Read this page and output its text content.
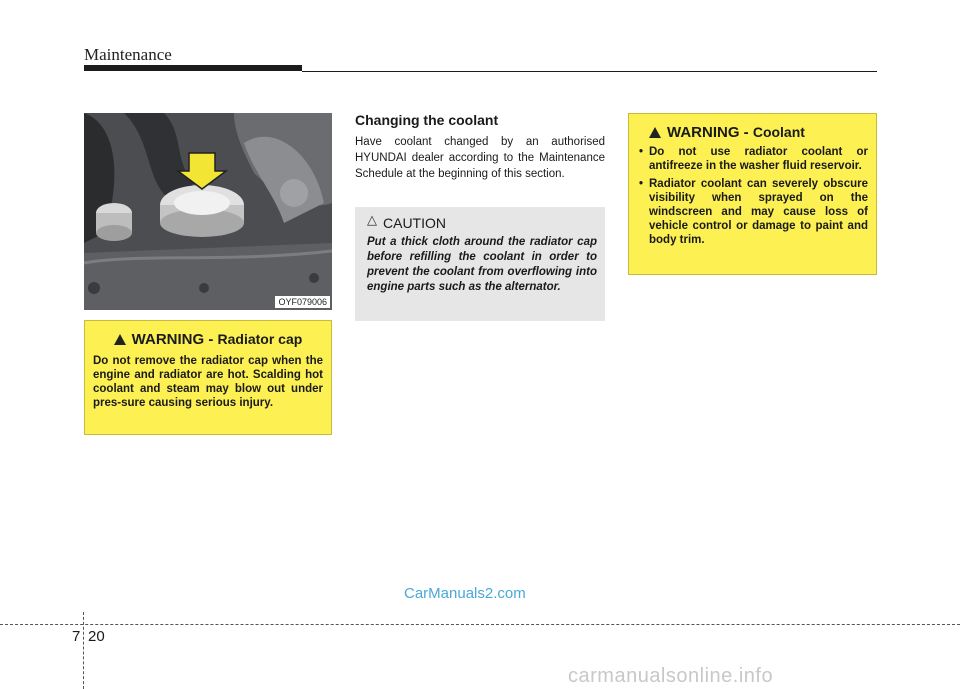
Maintenance
OYF079006
WARNING - Radiator cap
Do not remove the radiator cap when the engine and radiator are hot. Scalding hot coolant and steam may blow out under pres-sure causing serious injury.
Changing the coolant
Have coolant changed by an authorised HYUNDAI dealer according to the Maintenance Schedule at the beginning of this section.
△ CAUTION
Put a thick cloth around the radiator cap before refilling the coolant in order to prevent the coolant from overflowing into engine parts such as the alternator.
WARNING - Coolant
• Do not use radiator coolant or antifreeze in the washer fluid reservoir.
• Radiator coolant can severely obscure visibility when sprayed on the windscreen and may cause loss of vehicle control or damage to paint and body trim.
CarManuals2.com
7 20
carmanualsonline.info
